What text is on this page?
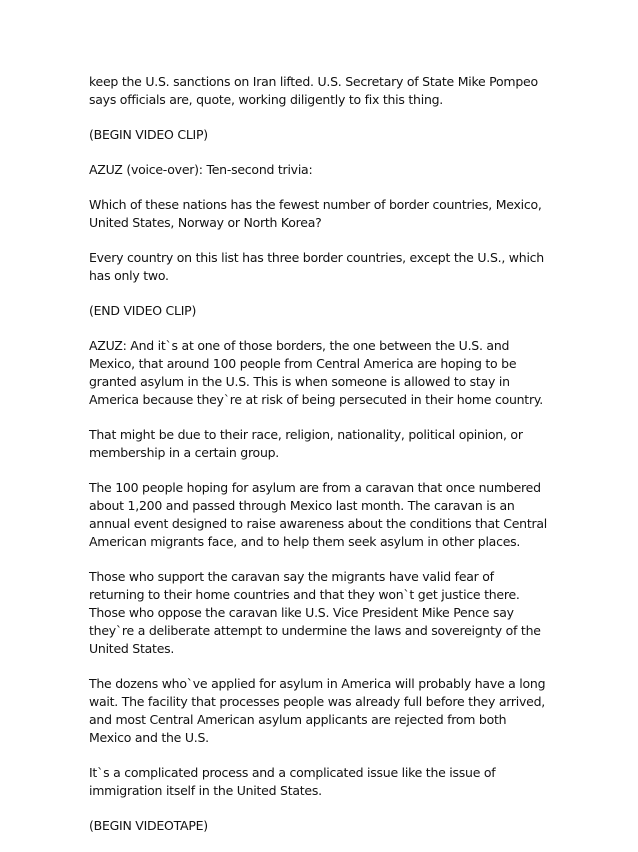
keep the U.S. sanctions on Iran lifted. U.S. Secretary of State Mike Pompeo says officials are, quote, working diligently to fix this thing.

(BEGIN VIDEO CLIP)

AZUZ (voice-over): Ten-second trivia:

Which of these nations has the fewest number of border countries, Mexico, United States, Norway or North Korea?

Every country on this list has three border countries, except the U.S., which has only two.

(END VIDEO CLIP)

AZUZ: And it`s at one of those borders, the one between the U.S. and Mexico, that around 100 people from Central America are hoping to be granted asylum in the U.S. This is when someone is allowed to stay in America because they`re at risk of being persecuted in their home country.

That might be due to their race, religion, nationality, political opinion, or membership in a certain group.

The 100 people hoping for asylum are from a caravan that once numbered about 1,200 and passed through Mexico last month. The caravan is an annual event designed to raise awareness about the conditions that Central American migrants face, and to help them seek asylum in other places.

Those who support the caravan say the migrants have valid fear of returning to their home countries and that they won`t get justice there. Those who oppose the caravan like U.S. Vice President Mike Pence say they`re a deliberate attempt to undermine the laws and sovereignty of the United States.

The dozens who`ve applied for asylum in America will probably have a long wait. The facility that processes people was already full before they arrived, and most Central American asylum applicants are rejected from both Mexico and the U.S.

It`s a complicated process and a complicated issue like the issue of immigration itself in the United States.

(BEGIN VIDEOTAPE)
